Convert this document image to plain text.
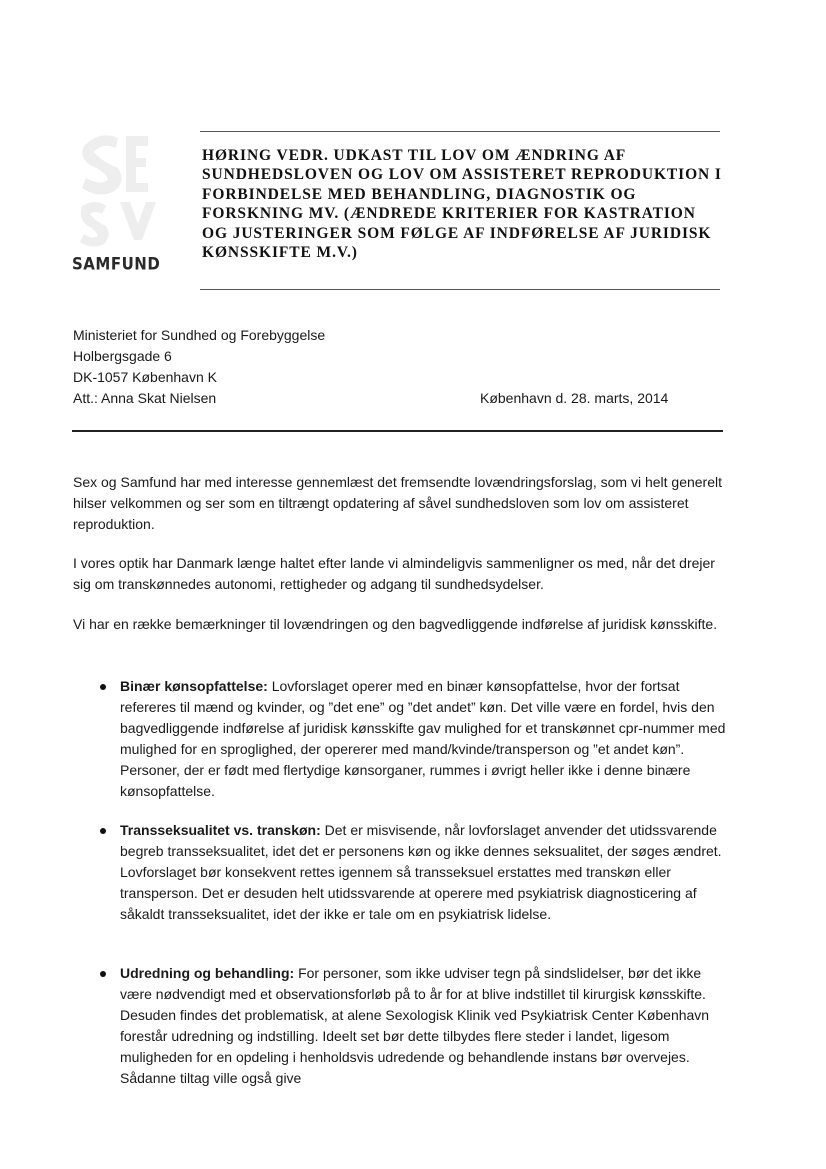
SAMFUND
HØRING VEDR. UDKAST TIL LOV OM ÆNDRING AF SUNDHEDSLOVEN OG LOV OM ASSISTERET REPRODUKTION I FORBINDELSE MED BEHANDLING, DIAGNOSTIK OG FORSKNING MV. (ÆNDREDE KRITERIER FOR KASTRATION OG JUSTERINGER SOM FØLGE AF INDFØRELSE AF JURIDISK KØNSSKIFTE M.V.)
Ministeriet for Sundhed og Forebyggelse
Holbergsgade 6
DK-1057 København K
Att.: Anna Skat Nielsen	København d. 28. marts, 2014

Sex og Samfund har med interesse gennemlæst det fremsendte lovændringsforslag, som vi helt generelt hilser velkommen og ser som en tiltrængt opdatering af såvel sundhedsloven som lov om assisteret reproduktion.

I vores optik har Danmark længe haltet efter lande vi almindeligvis sammenligner os med, når det drejer sig om transkønnedes autonomi, rettigheder og adgang til sundhedsydelser.

Vi har en række bemærkninger til lovændringen og den bagvedliggende indførelse af juridisk kønsskifte.

Binær kønsopfattelse: Lovforslaget operer med en binær kønsopfattelse, hvor der fortsat refereres til mænd og kvinder, og ”det ene” og ”det andet” køn. Det ville være en fordel, hvis den bagvedliggende indførelse af juridisk kønsskifte gav mulighed for et transkønnet cpr-nummer med mulighed for en sproglighed, der opererer med mand/kvinde/transperson og ”et andet køn”. Personer, der er født med flertydige kønsorganer, rummes i øvrigt heller ikke i denne binære kønsopfattelse.

Transseksualitet vs. transkøn: Det er misvisende, når lovforslaget anvender det utidssvarende begreb transseksualitet, idet det er personens køn og ikke dennes seksualitet, der søges ændret. Lovforslaget bør konsekvent rettes igennem så transseksuel erstattes med transkøn eller transperson. Det er desuden helt utidssvarende at operere med psykiatrisk diagnosticering af såkaldt transseksualitet, idet der ikke er tale om en psykiatrisk lidelse.

Udredning og behandling: For personer, som ikke udviser tegn på sindslidelser, bør det ikke være nødvendigt med et observationsforløb på to år for at blive indstillet til kirurgisk kønsskifte. Desuden findes det problematisk, at alene Sexologisk Klinik ved Psykiatrisk Center København forestår udredning og indstilling. Ideelt set bør dette tilbydes flere steder i landet, ligesom muligheden for en opdeling i henholdsvis udredende og behandlende instans bør overvejes. Sådanne tiltag ville også give
